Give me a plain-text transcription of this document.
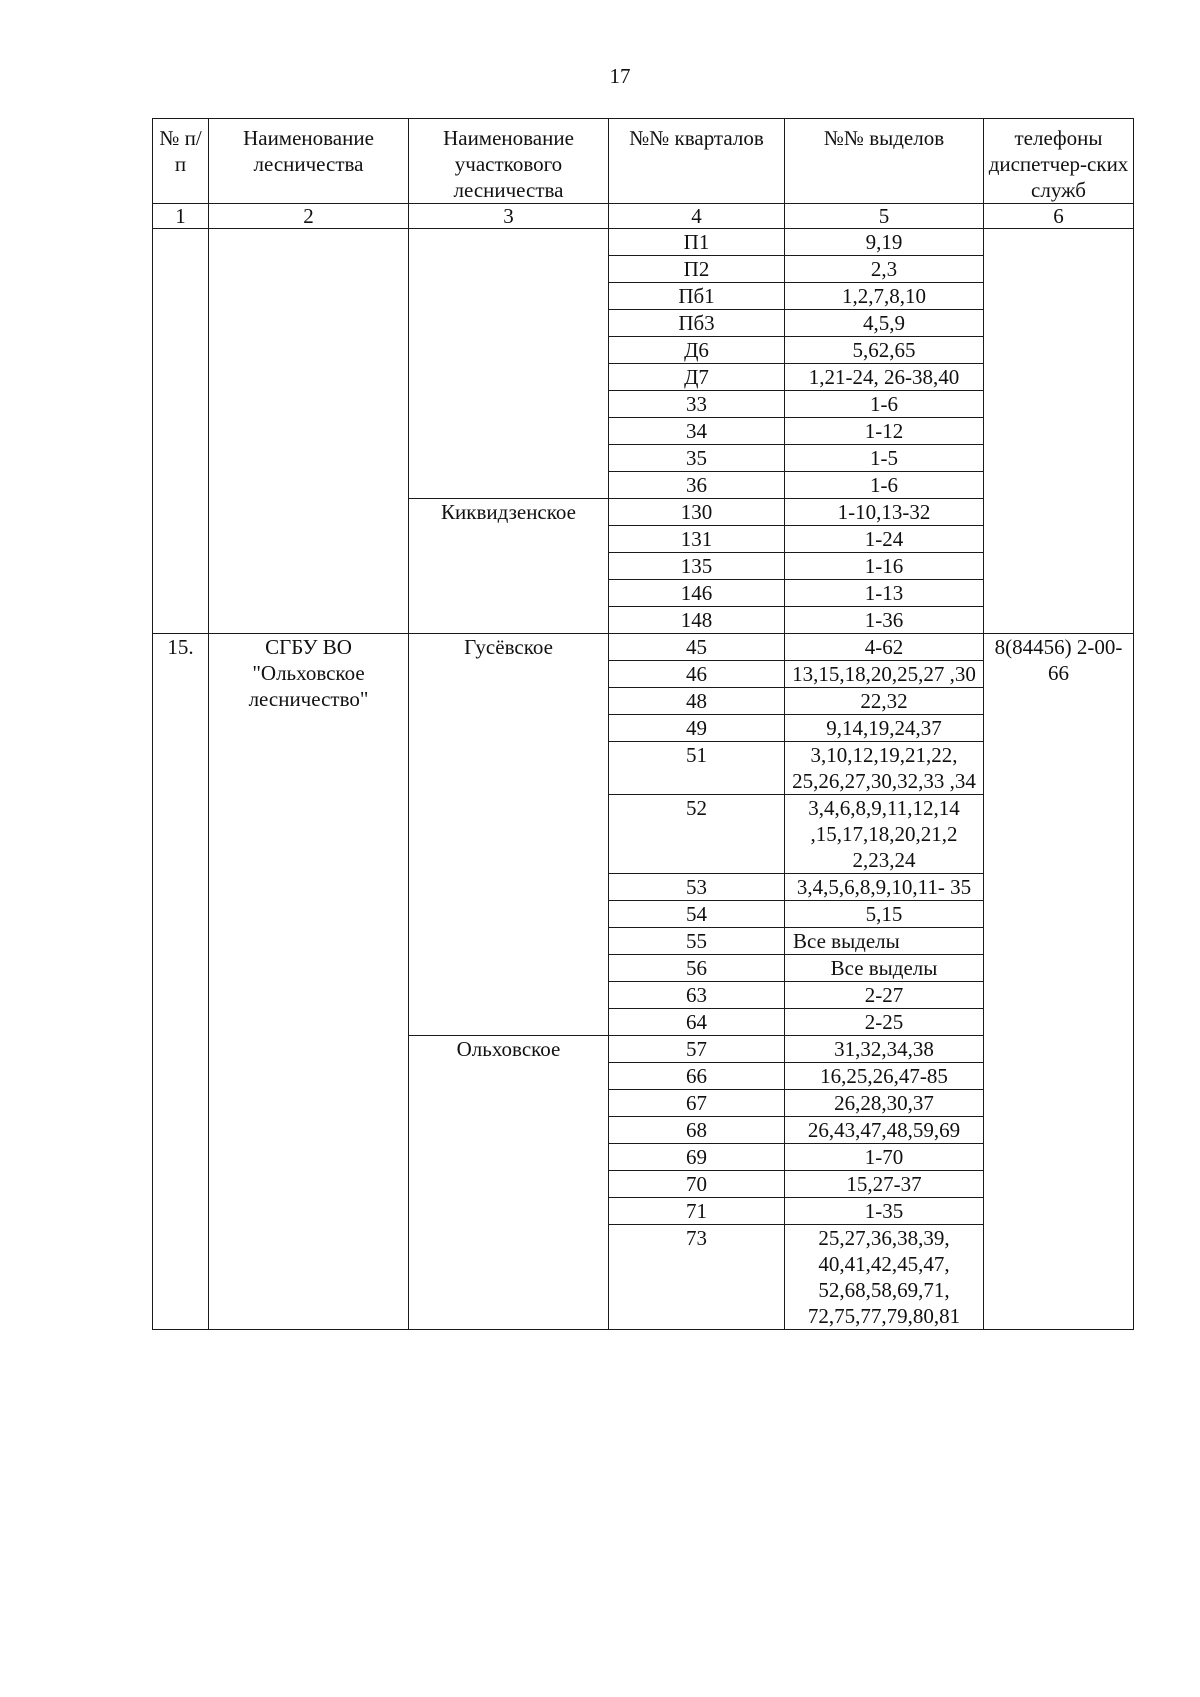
17
№ п/п	Наименование лесничества	Наименование участкового лесничества	№№ кварталов	№№ выделов	телефоны диспетчер-ских служб
1	2	3	4	5	6
			П1	9,19	
			П2	2,3	
			Пб1	1,2,7,8,10	
			Пб3	4,5,9	
			Д6	5,62,65	
			Д7	1,21-24, 26-38,40	
			33	1-6	
			34	1-12	
			35	1-5	
			36	1-6	
		Киквидзенское	130	1-10,13-32	
			131	1-24	
			135	1-16	
			146	1-13	
			148	1-36	
15.	СГБУ ВО "Ольховское лесничество"	Гусёвское	45	4-62	8(84456) 2-00-66
			46	13,15,18,20,25,27 ,30	
			48	22,32	
			49	9,14,19,24,37	
			51	3,10,12,19,21,22, 25,26,27,30,32,33 ,34	
			52	3,4,6,8,9,11,12,14 ,15,17,18,20,21,2 2,23,24	
			53	3,4,5,6,8,9,10,11- 35	
			54	5,15	
			55	Все выделы	
			56	Все выделы	
			63	2-27	
			64	2-25	
		Ольховское	57	31,32,34,38	
			66	16,25,26,47-85	
			67	26,28,30,37	
			68	26,43,47,48,59,69	
			69	1-70	
			70	15,27-37	
			71	1-35	
			73	25,27,36,38,39, 40,41,42,45,47, 52,68,58,69,71, 72,75,77,79,80,81	
